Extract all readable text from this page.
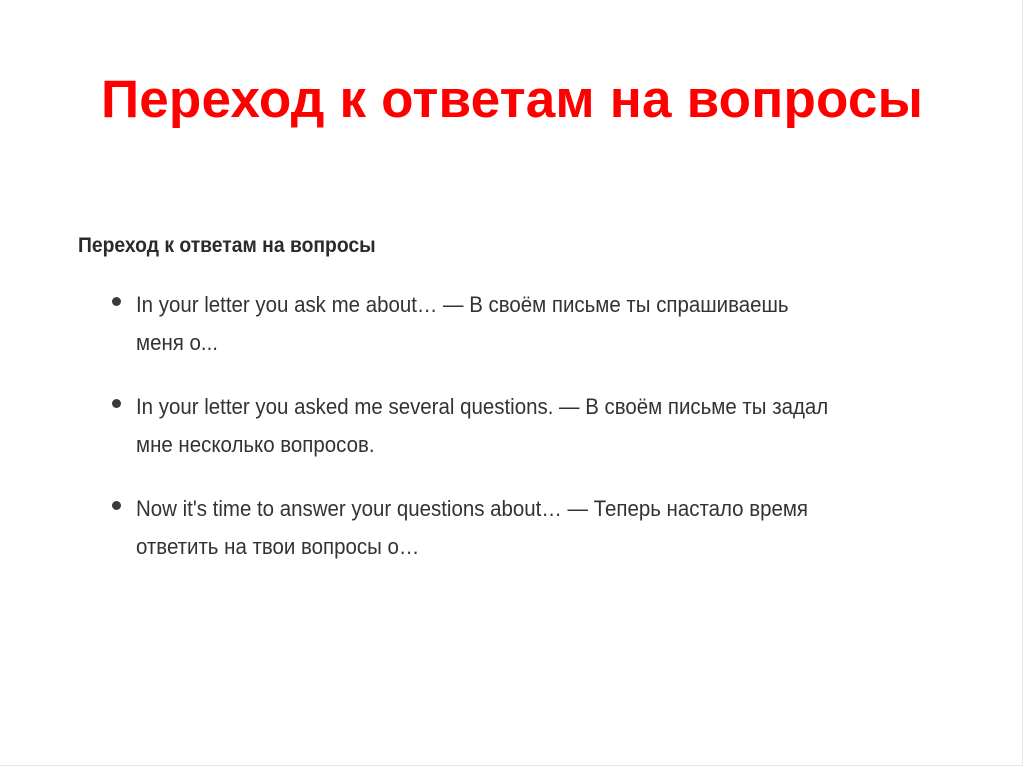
Переход к ответам на вопросы
Переход к ответам на вопросы
In your letter you ask me about… — В своём письме ты спрашиваешь
меня о...
In your letter you asked me several questions. — В своём письме ты задал
мне несколько вопросов.
Now it's time to answer your questions about… — Теперь настало время
ответить на твои вопросы о…
